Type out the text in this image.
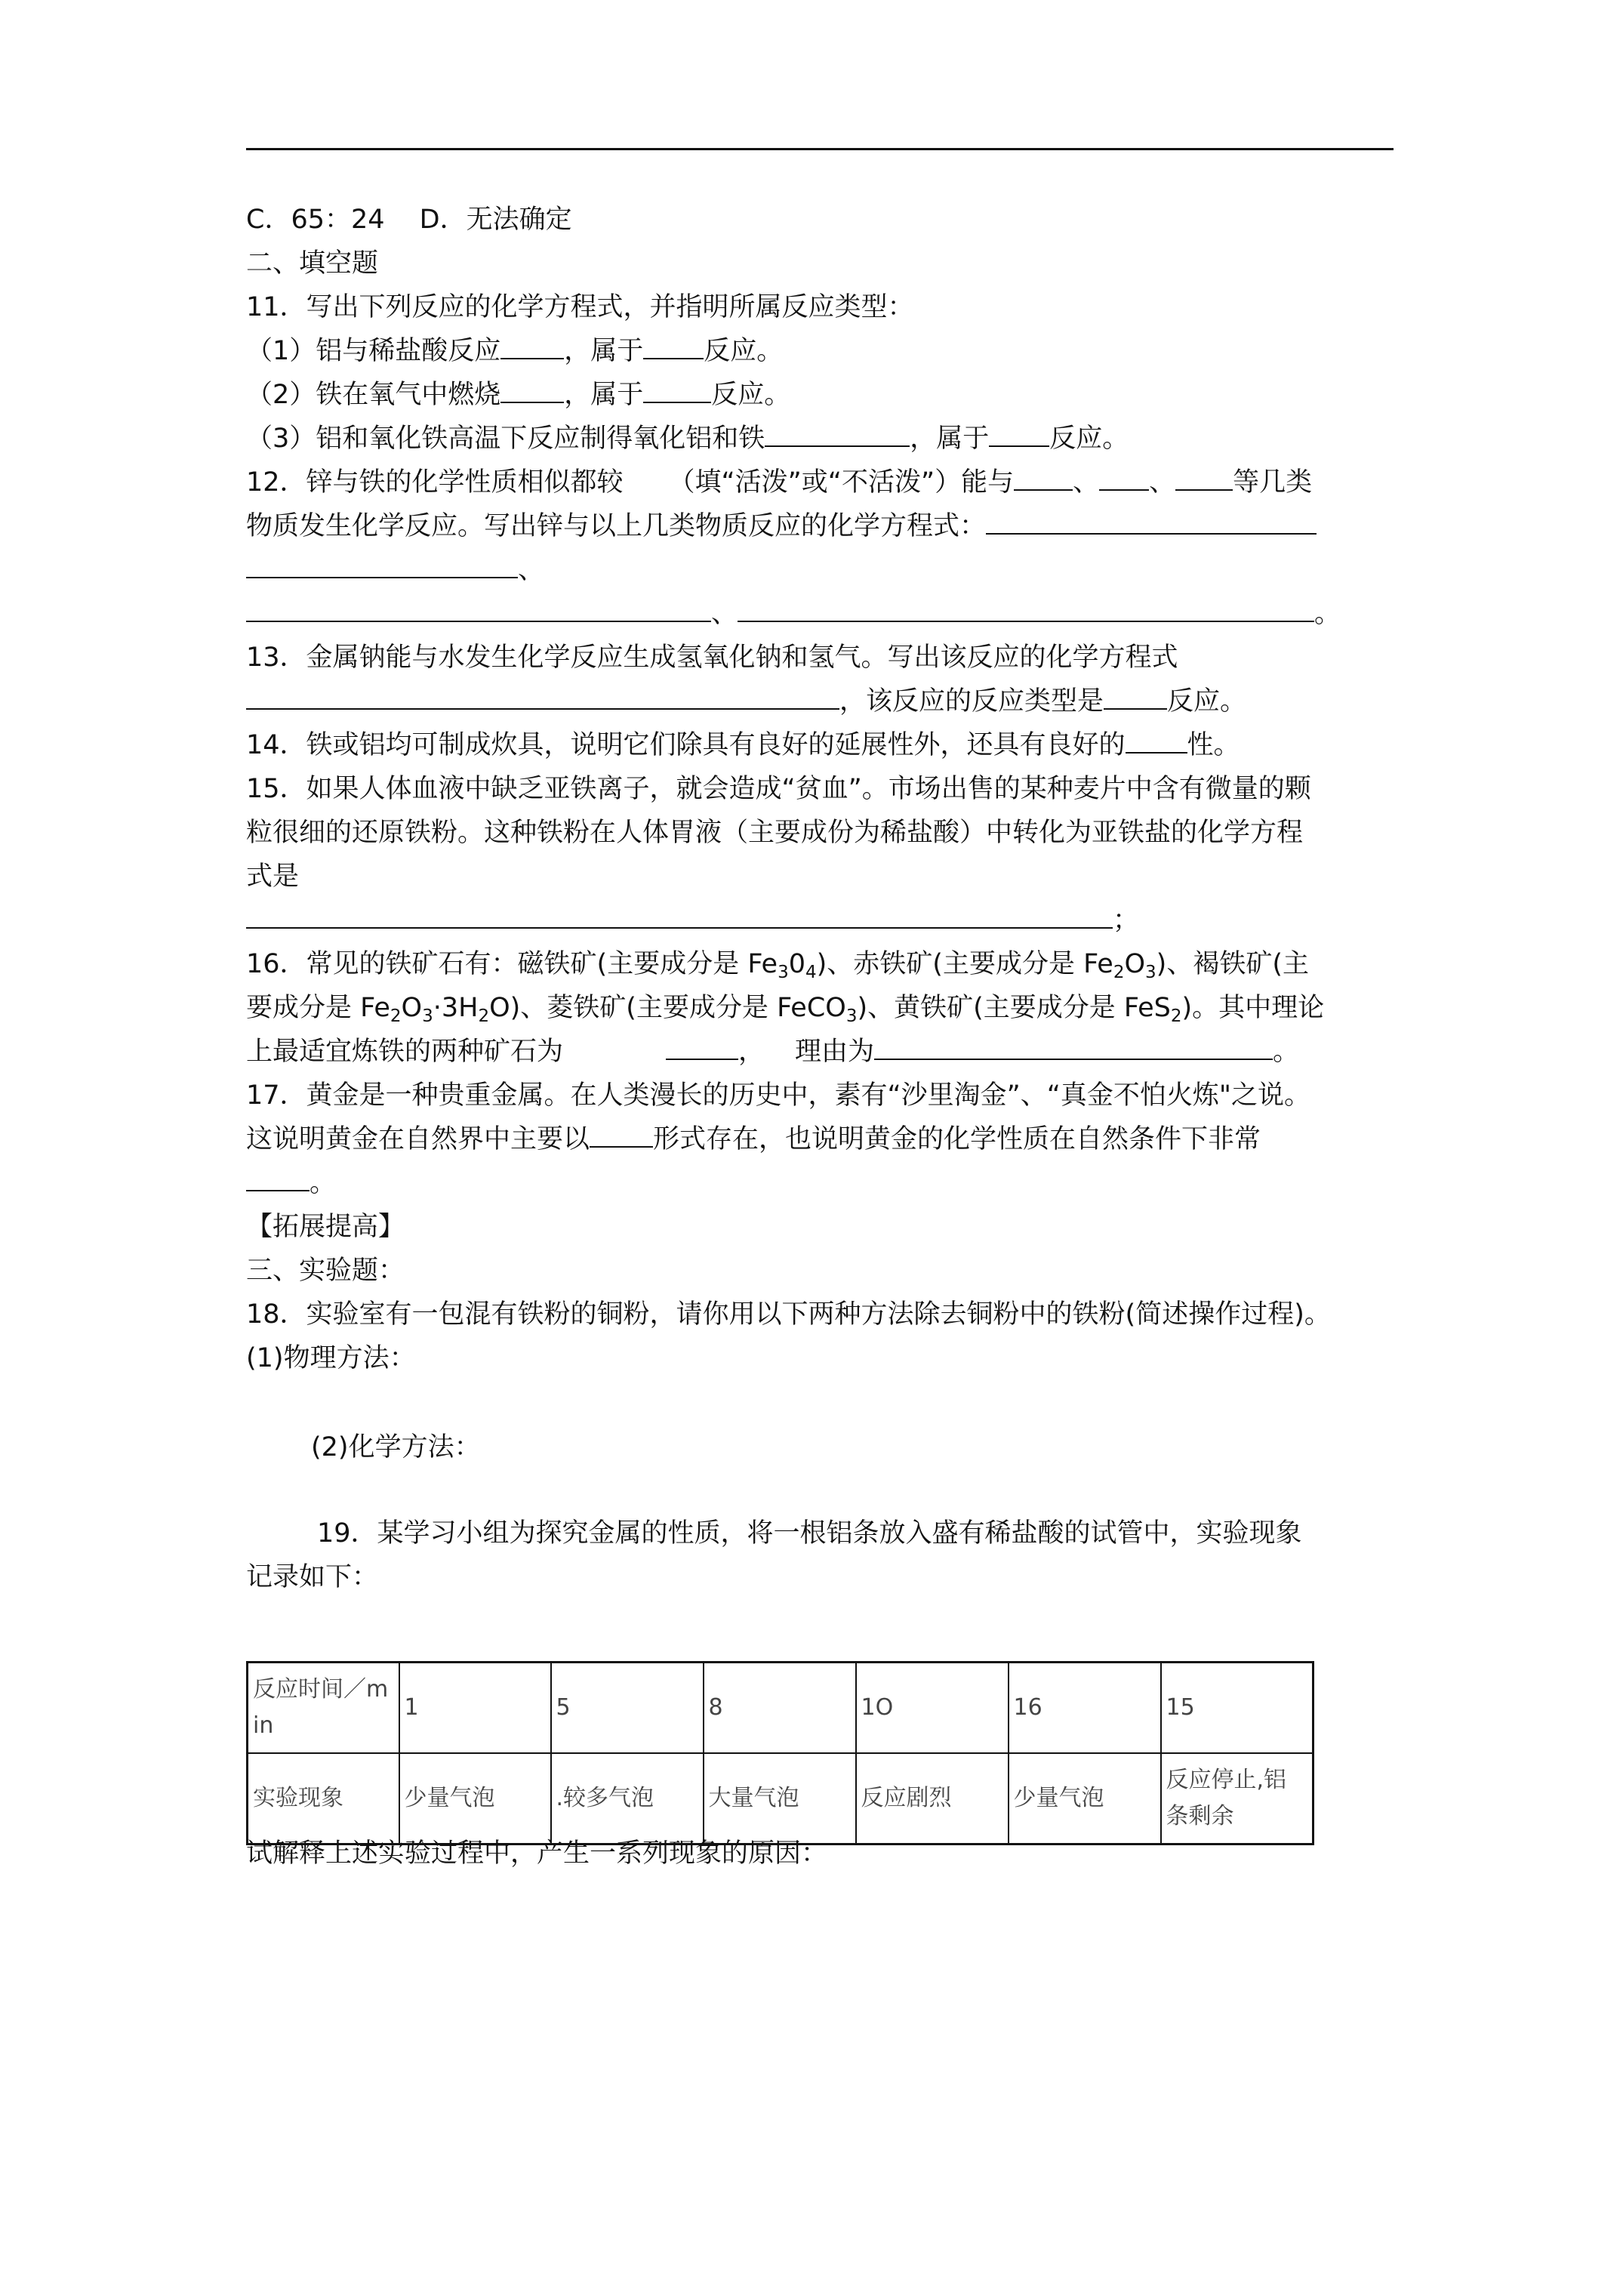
C．65：24　 D．无法确定
二、填空题
11．写出下列反应的化学方程式，并指明所属反应类型：
（1）铝与稀盐酸反应 ，属于 反应。
（2）铁在氧气中燃烧 ，属于	反应。
（3）铝和氧化铁高温下反应制得氧化铝和铁	，属于 反应。
12．锌与铁的化学性质相似都较 （填“活泼”或“不活泼”）能与 、 、 等几类
物质发生化学反应。写出锌与以上几类物质反应的化学方程式：
、
、	。
13．金属钠能与水发生化学反应生成氢氧化钠和氢气。写出该反应的化学方程式
，该反应的反应类型是 反应。
14．铁或铝均可制成炊具，说明它们除具有良好的延展性外，还具有良好的 性。
15．如果人体血液中缺乏亚铁离子，就会造成“贫血”。市场出售的某种麦片中含有微量的颗
粒很细的还原铁粉。这种铁粉在人体胃液（主要成份为稀盐酸）中转化为亚铁盐的化学方程
式是
；
16．常见的铁矿石有：磁铁矿(主要成分是 $Fe_30_4$)、赤铁矿(主要成分是 $Fe_2O_3$)、褐铁矿(主
要成分是 $Fe_2O_3\cdot 3H_2O$)、菱铁矿(主要成分是 FeCO$_3$)、黄铁矿(主要成分是 FeS$_2$)。其中理论
上最适宜炼铁的两种矿石为	， 理由为	。
17．黄金是一种贵重金属。在人类漫长的历史中，素有“沙里淘金”、“真金不怕火炼"之说。
这说明黄金在自然界中主要以 形式存在，也说明黄金的化学性质在自然条件下非常
。
【拓展提高】
三、实验题：
18．实验室有一包混有铁粉的铜粉，请你用以下两种方法除去铜粉中的铁粉(简述操作过程)。
(1)物理方法：
(2)化学方法：
19．某学习小组为探究金属的性质，将一根铝条放入盛有稀盐酸的试管中，实验现象
记录如下：
反应时间／min	1	5	8	1O	16	15
实验现象	少量气泡	.较多气泡	大量气泡	反应剧烈	少量气泡	反应停止,铝条剩余
试解释上述实验过程中，产生一系列现象的原因：
